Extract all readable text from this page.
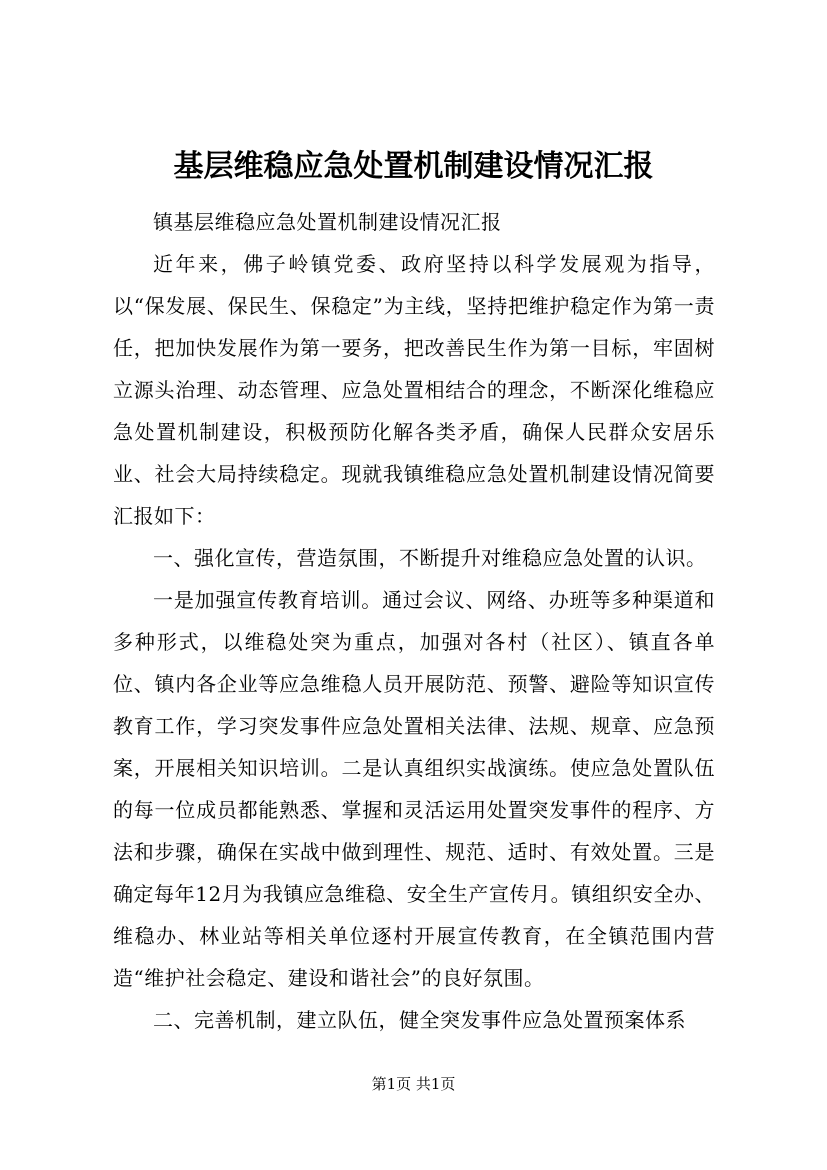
基层维稳应急处置机制建设情况汇报

镇基层维稳应急处置机制建设情况汇报

近年来，佛子岭镇党委、政府坚持以科学发展观为指导，以“保发展、保民生、保稳定”为主线，坚持把维护稳定作为第一责任，把加快发展作为第一要务，把改善民生作为第一目标，牢固树立源头治理、动态管理、应急处置相结合的理念，不断深化维稳应急处置机制建设，积极预防化解各类矛盾，确保人民群众安居乐业、社会大局持续稳定。现就我镇维稳应急处置机制建设情况简要汇报如下：

一、强化宣传，营造氛围，不断提升对维稳应急处置的认识。

一是加强宣传教育培训。通过会议、网络、办班等多种渠道和多种形式，以维稳处突为重点，加强对各村（社区）、镇直各单位、镇内各企业等应急维稳人员开展防范、预警、避险等知识宣传教育工作，学习突发事件应急处置相关法律、法规、规章、应急预案，开展相关知识培训。二是认真组织实战演练。使应急处置队伍的每一位成员都能熟悉、掌握和灵活运用处置突发事件的程序、方法和步骤，确保在实战中做到理性、规范、适时、有效处置。三是确定每年12月为我镇应急维稳、安全生产宣传月。镇组织安全办、维稳办、林业站等相关单位逐村开展宣传教育，在全镇范围内营造“维护社会稳定、建设和谐社会”的良好氛围。

二、完善机制，建立队伍，健全突发事件应急处置预案体系

第1页 共1页
